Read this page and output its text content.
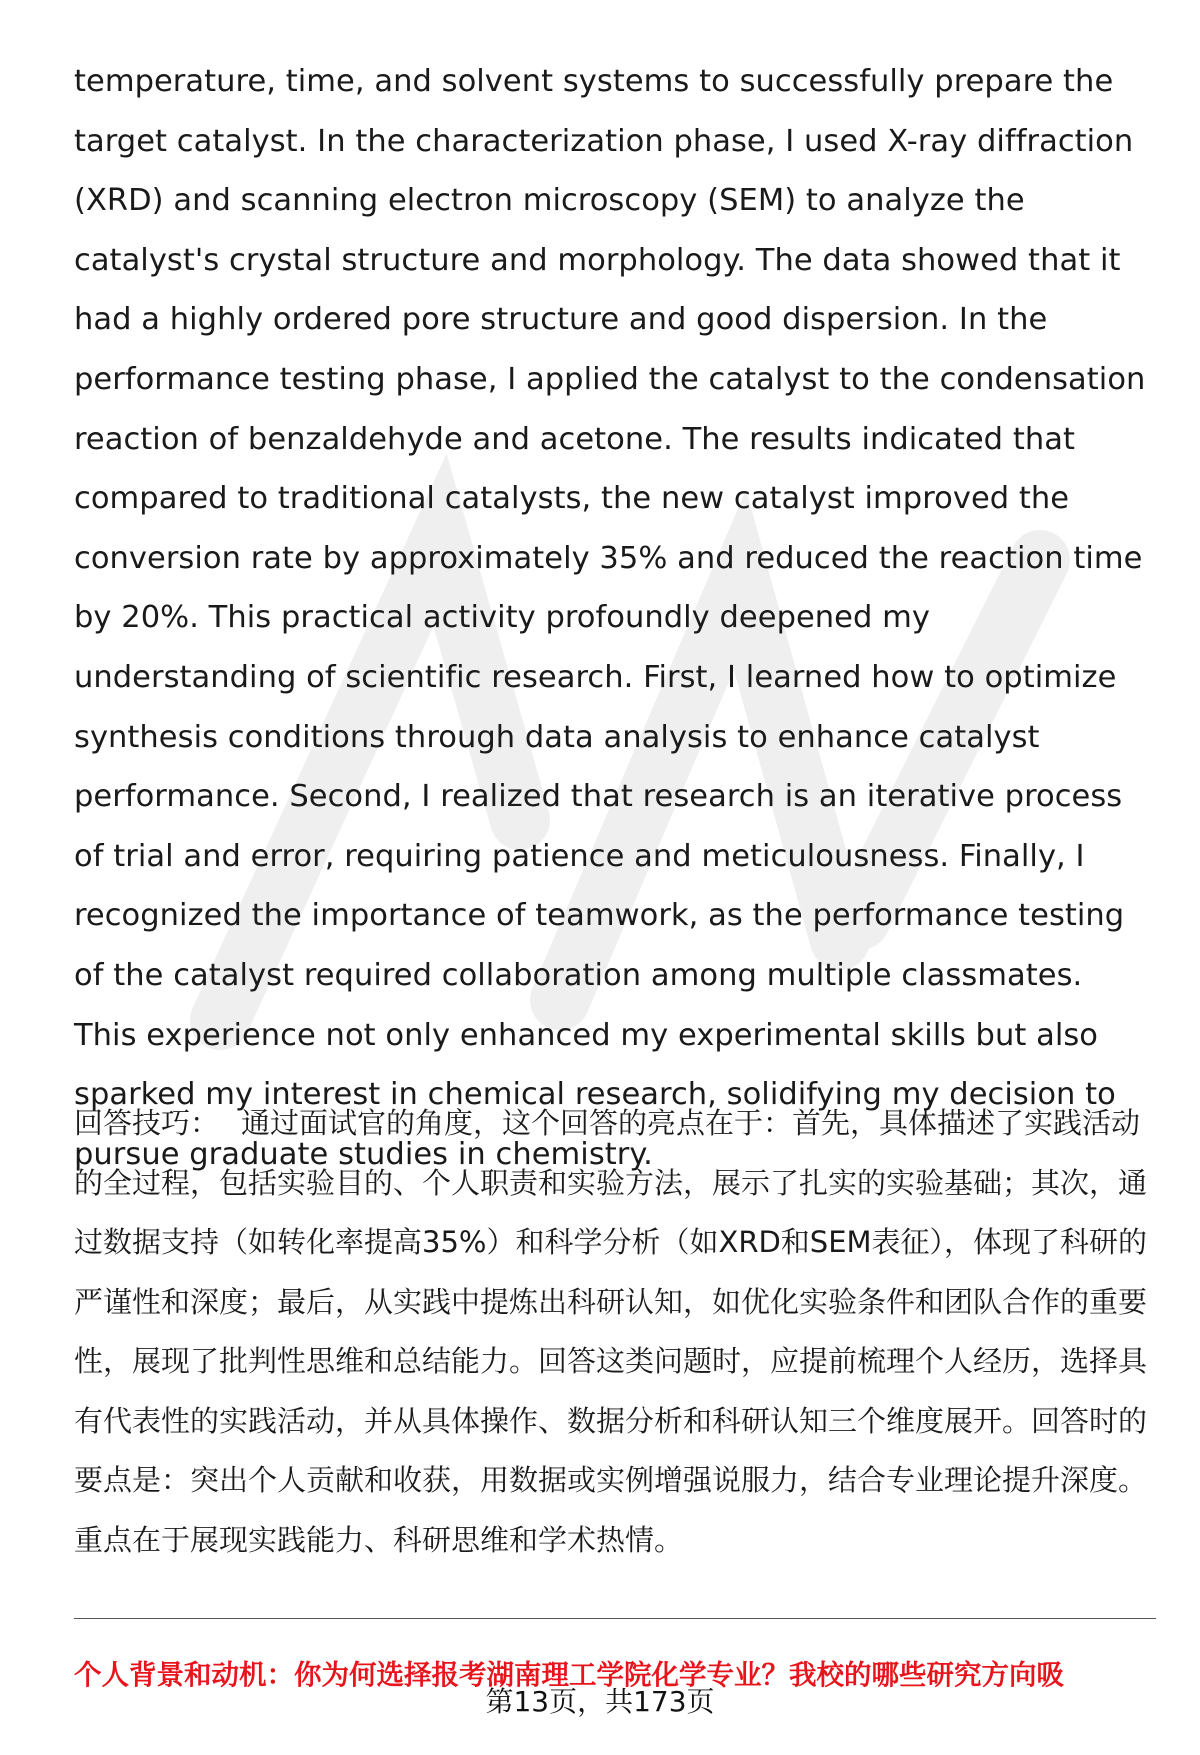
temperature, time, and solvent systems to successfully prepare the target catalyst. In the characterization phase, I used X-ray diffraction (XRD) and scanning electron microscopy (SEM) to analyze the catalyst's crystal structure and morphology. The data showed that it had a highly ordered pore structure and good dispersion. In the performance testing phase, I applied the catalyst to the condensation reaction of benzaldehyde and acetone. The results indicated that compared to traditional catalysts, the new catalyst improved the conversion rate by approximately 35% and reduced the reaction time by 20%. This practical activity profoundly deepened my understanding of scientific research. First, I learned how to optimize synthesis conditions through data analysis to enhance catalyst performance. Second, I realized that research is an iterative process of trial and error, requiring patience and meticulousness. Finally, I recognized the importance of teamwork, as the performance testing of the catalyst required collaboration among multiple classmates. This experience not only enhanced my experimental skills but also sparked my interest in chemical research, solidifying my decision to pursue graduate studies in chemistry.

回答技巧： 通过面试官的角度，这个回答的亮点在于：首先，具体描述了实践活动的全过程，包括实验目的、个人职责和实验方法，展示了扎实的实验基础；其次，通过数据支持（如转化率提高35%）和科学分析（如XRD和SEM表征），体现了科研的严谨性和深度；最后，从实践中提炼出科研认知，如优化实验条件和团队合作的重要性，展现了批判性思维和总结能力。回答这类问题时，应提前梳理个人经历，选择具有代表性的实践活动，并从具体操作、数据分析和科研认知三个维度展开。回答时的要点是：突出个人贡献和收获，用数据或实例增强说服力，结合专业理论提升深度。重点在于展现实践能力、科研思维和学术热情。

个人背景和动机：你为何选择报考湖南理工学院化学专业？我校的哪些研究方向吸

第13页，共173页
